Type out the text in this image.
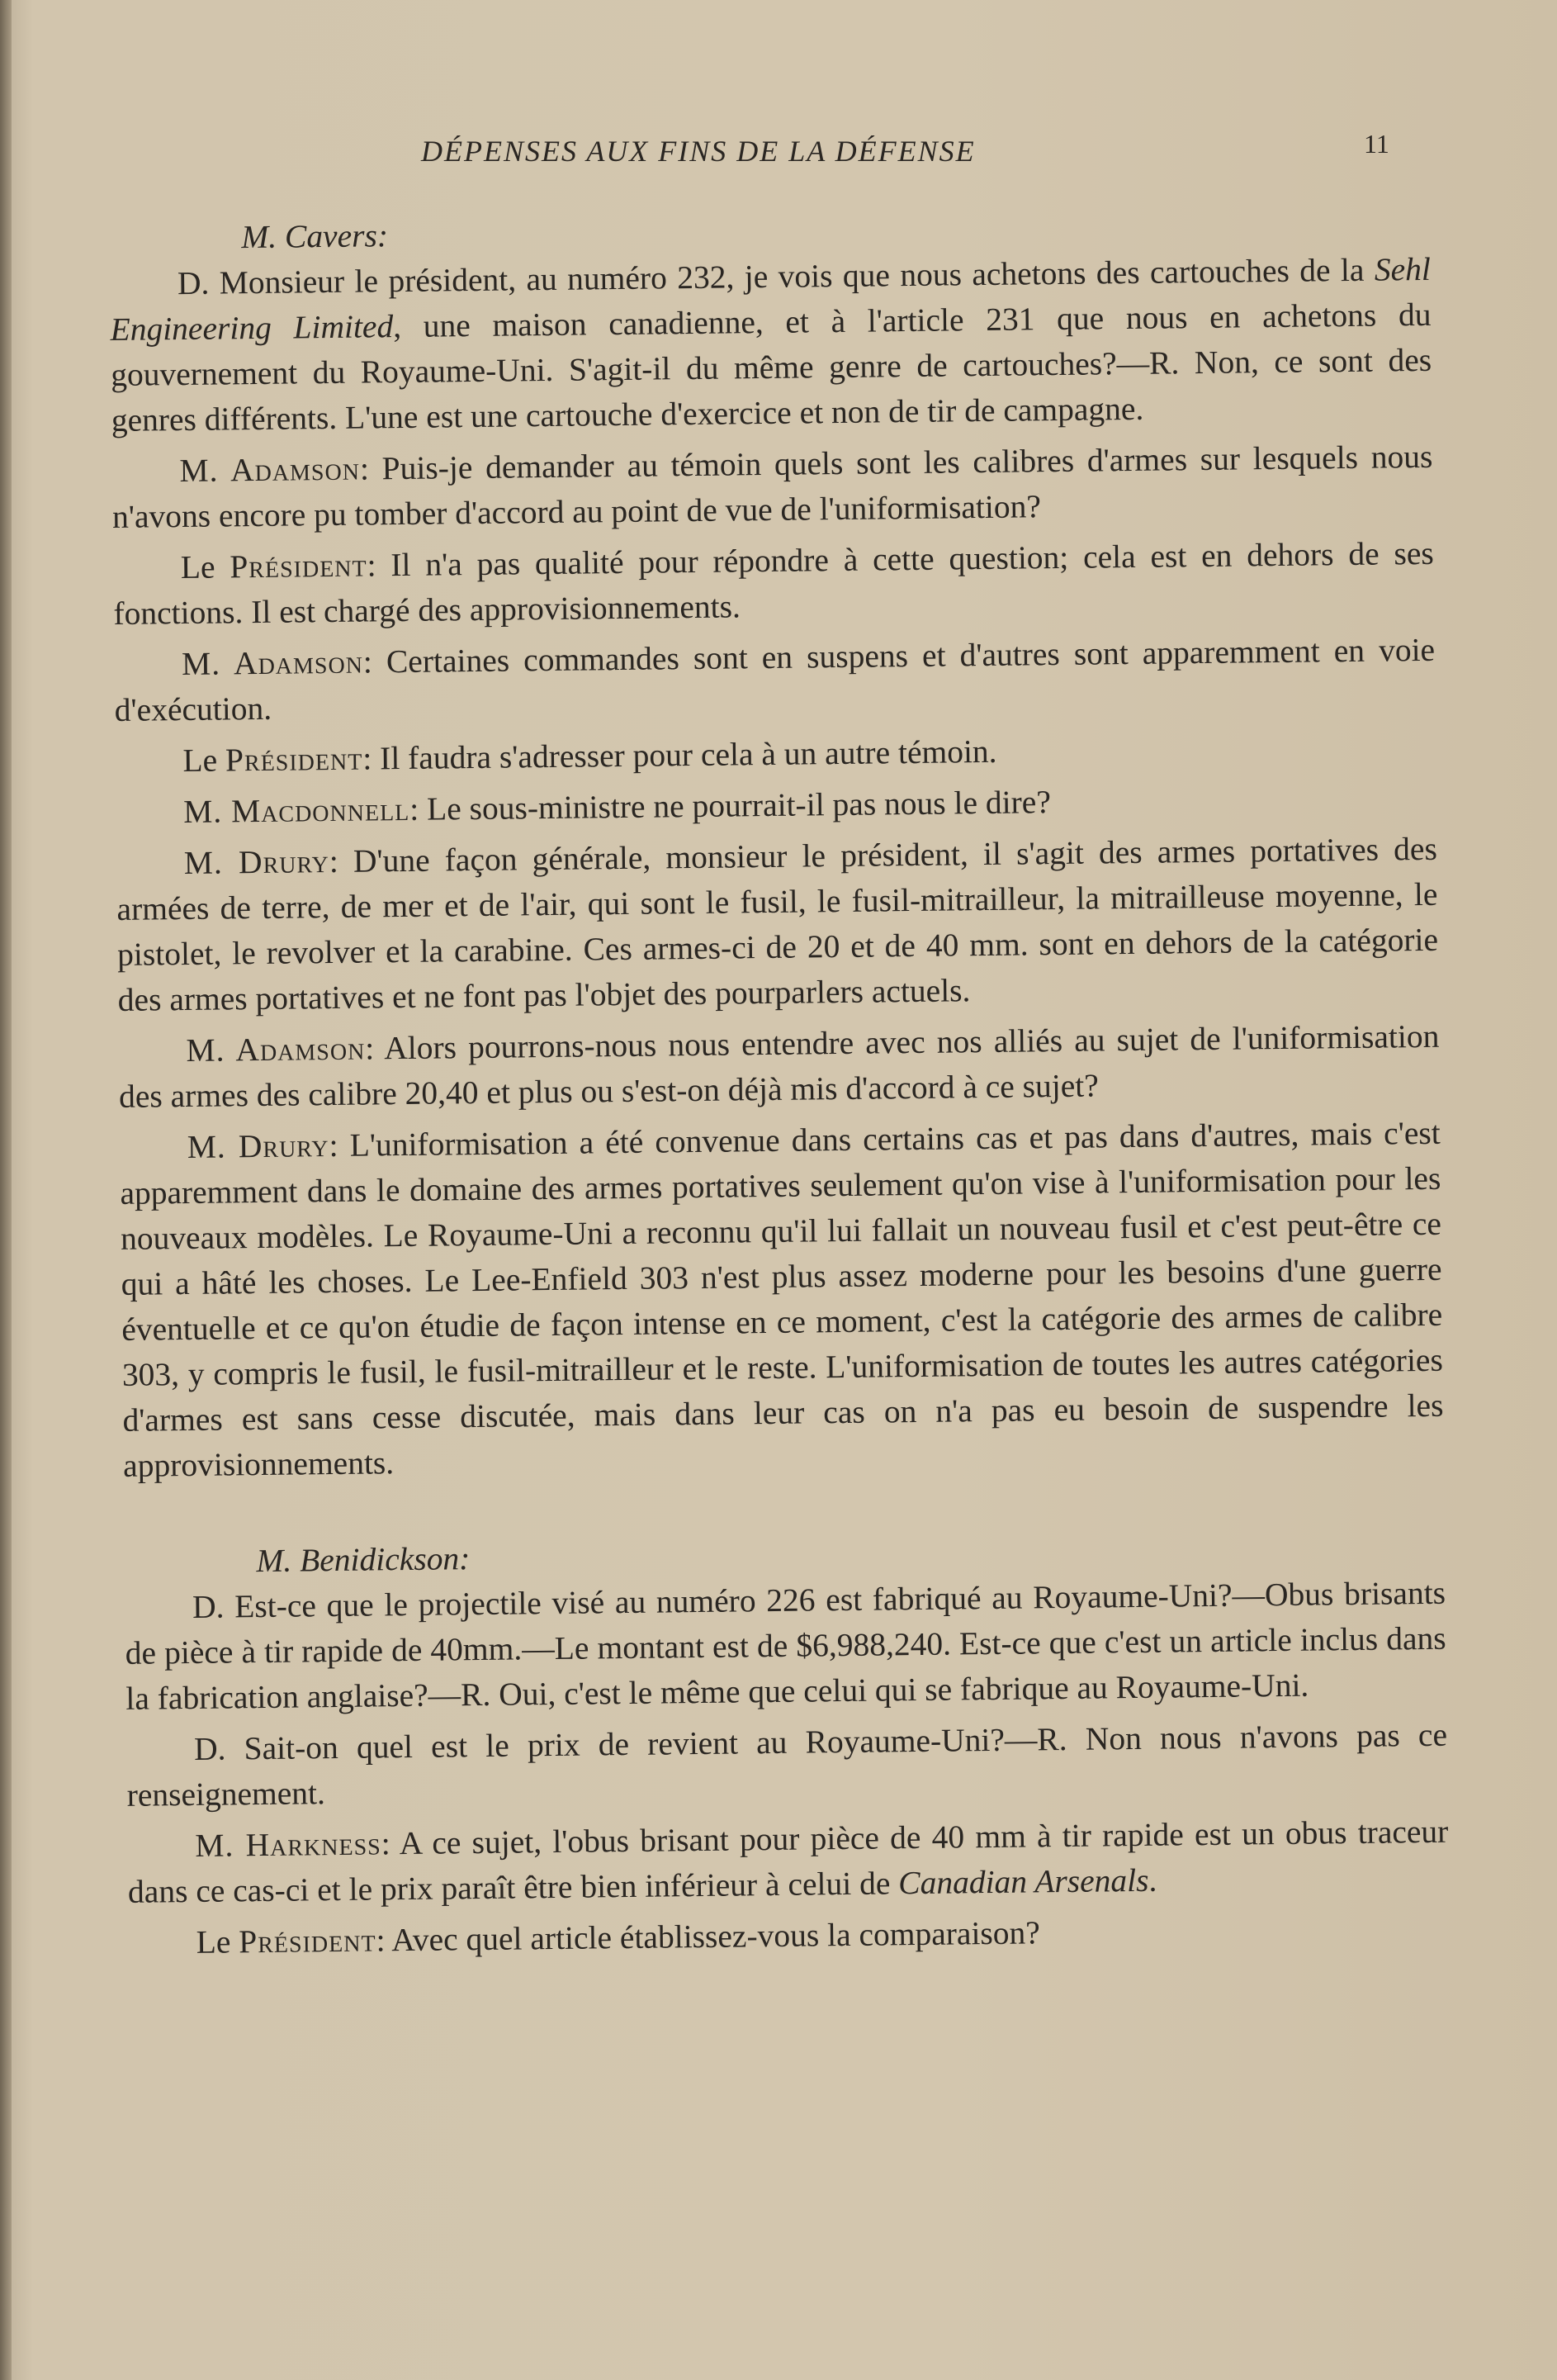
DÉPENSES AUX FINS DE LA DÉFENSE	11

M. Cavers:

D. Monsieur le président, au numéro 232, je vois que nous achetons des cartouches de la Sehl Engineering Limited, une maison canadienne, et à l'article 231 que nous en achetons du gouvernement du Royaume-Uni. S'agit-il du même genre de cartouches?—R. Non, ce sont des genres différents. L'une est une cartouche d'exercice et non de tir de campagne.

M. Adamson: Puis-je demander au témoin quels sont les calibres d'armes sur lesquels nous n'avons encore pu tomber d'accord au point de vue de l'uniformisation?

Le Président: Il n'a pas qualité pour répondre à cette question; cela est en dehors de ses fonctions. Il est chargé des approvisionnements.

M. Adamson: Certaines commandes sont en suspens et d'autres sont apparemment en voie d'exécution.

Le Président: Il faudra s'adresser pour cela à un autre témoin.

M. Macdonnell: Le sous-ministre ne pourrait-il pas nous le dire?

M. Drury: D'une façon générale, monsieur le président, il s'agit des armes portatives des armées de terre, de mer et de l'air, qui sont le fusil, le fusil-mitrailleur, la mitrailleuse moyenne, le pistolet, le revolver et la carabine. Ces armes-ci de 20 et de 40 mm. sont en dehors de la catégorie des armes portatives et ne font pas l'objet des pourparlers actuels.

M. Adamson: Alors pourrons-nous nous entendre avec nos alliés au sujet de l'uniformisation des armes des calibre 20,40 et plus ou s'est-on déjà mis d'accord à ce sujet?

M. Drury: L'uniformisation a été convenue dans certains cas et pas dans d'autres, mais c'est apparemment dans le domaine des armes portatives seulement qu'on vise à l'uniformisation pour les nouveaux modèles. Le Royaume-Uni a reconnu qu'il lui fallait un nouveau fusil et c'est peut-être ce qui a hâté les choses. Le Lee-Enfield 303 n'est plus assez moderne pour les besoins d'une guerre éventuelle et ce qu'on étudie de façon intense en ce moment, c'est la catégorie des armes de calibre 303, y compris le fusil, le fusil-mitrailleur et le reste. L'uniformisation de toutes les autres catégories d'armes est sans cesse discutée, mais dans leur cas on n'a pas eu besoin de suspendre les approvisionnements.

M. Benidickson:

D. Est-ce que le projectile visé au numéro 226 est fabriqué au Royaume-Uni?—Obus brisants de pièce à tir rapide de 40mm.—Le montant est de $6,988,240. Est-ce que c'est un article inclus dans la fabrication anglaise?—R. Oui, c'est le même que celui qui se fabrique au Royaume-Uni.

D. Sait-on quel est le prix de revient au Royaume-Uni?—R. Non nous n'avons pas ce renseignement.

M. Harkness: A ce sujet, l'obus brisant pour pièce de 40 mm à tir rapide est un obus traceur dans ce cas-ci et le prix paraît être bien inférieur à celui de Canadian Arsenals.

Le Président: Avec quel article établissez-vous la comparaison?
